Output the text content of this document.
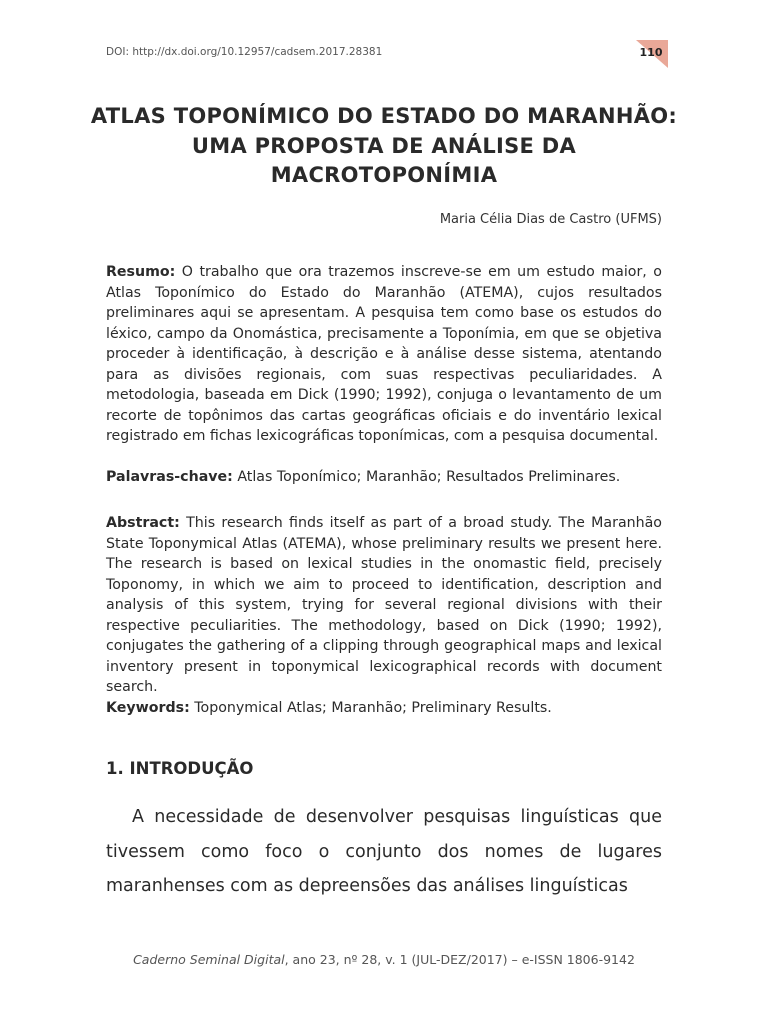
DOI: http://dx.doi.org/10.12957/cadsem.2017.28381	110
ATLAS TOPONÍMICO DO ESTADO DO MARANHÃO: UMA PROPOSTA DE ANÁLISE DA MACROTOPONÍMIA
Maria Célia Dias de Castro (UFMS)

Resumo: O trabalho que ora trazemos inscreve-se em um estudo maior, o Atlas Toponímico do Estado do Maranhão (ATEMA), cujos resultados preliminares aqui se apresentam. A pesquisa tem como base os estudos do léxico, campo da Onomástica, precisamente a Toponímia, em que se objetiva proceder à identificação, à descrição e à análise desse sistema, atentando para as divisões regionais, com suas respectivas peculiaridades. A metodologia, baseada em Dick (1990; 1992), conjuga o levantamento de um recorte de topônimos das cartas geográficas oficiais e do inventário lexical registrado em fichas lexicográficas toponímicas, com a pesquisa documental.

Palavras-chave: Atlas Toponímico; Maranhão; Resultados Preliminares.

Abstract: This research finds itself as part of a broad study. The Maranhão State Toponymical Atlas (ATEMA), whose preliminary results we present here. The research is based on lexical studies in the onomastic field, precisely Toponomy, in which we aim to proceed to identification, description and analysis of this system, trying for several regional divisions with their respective peculiarities. The methodology, based on Dick (1990; 1992), conjugates the gathering of a clipping through geographical maps and lexical inventory present in toponymical lexicographical records with document search.

Keywords: Toponymical Atlas; Maranhão; Preliminary Results.

1. INTRODUÇÃO

A necessidade de desenvolver pesquisas linguísticas que tivessem como foco o conjunto dos nomes de lugares maranhenses com as depreensões das análises linguísticas

Caderno Seminal Digital, ano 23, nº 28, v. 1 (JUL-DEZ/2017) – e-ISSN 1806-9142
